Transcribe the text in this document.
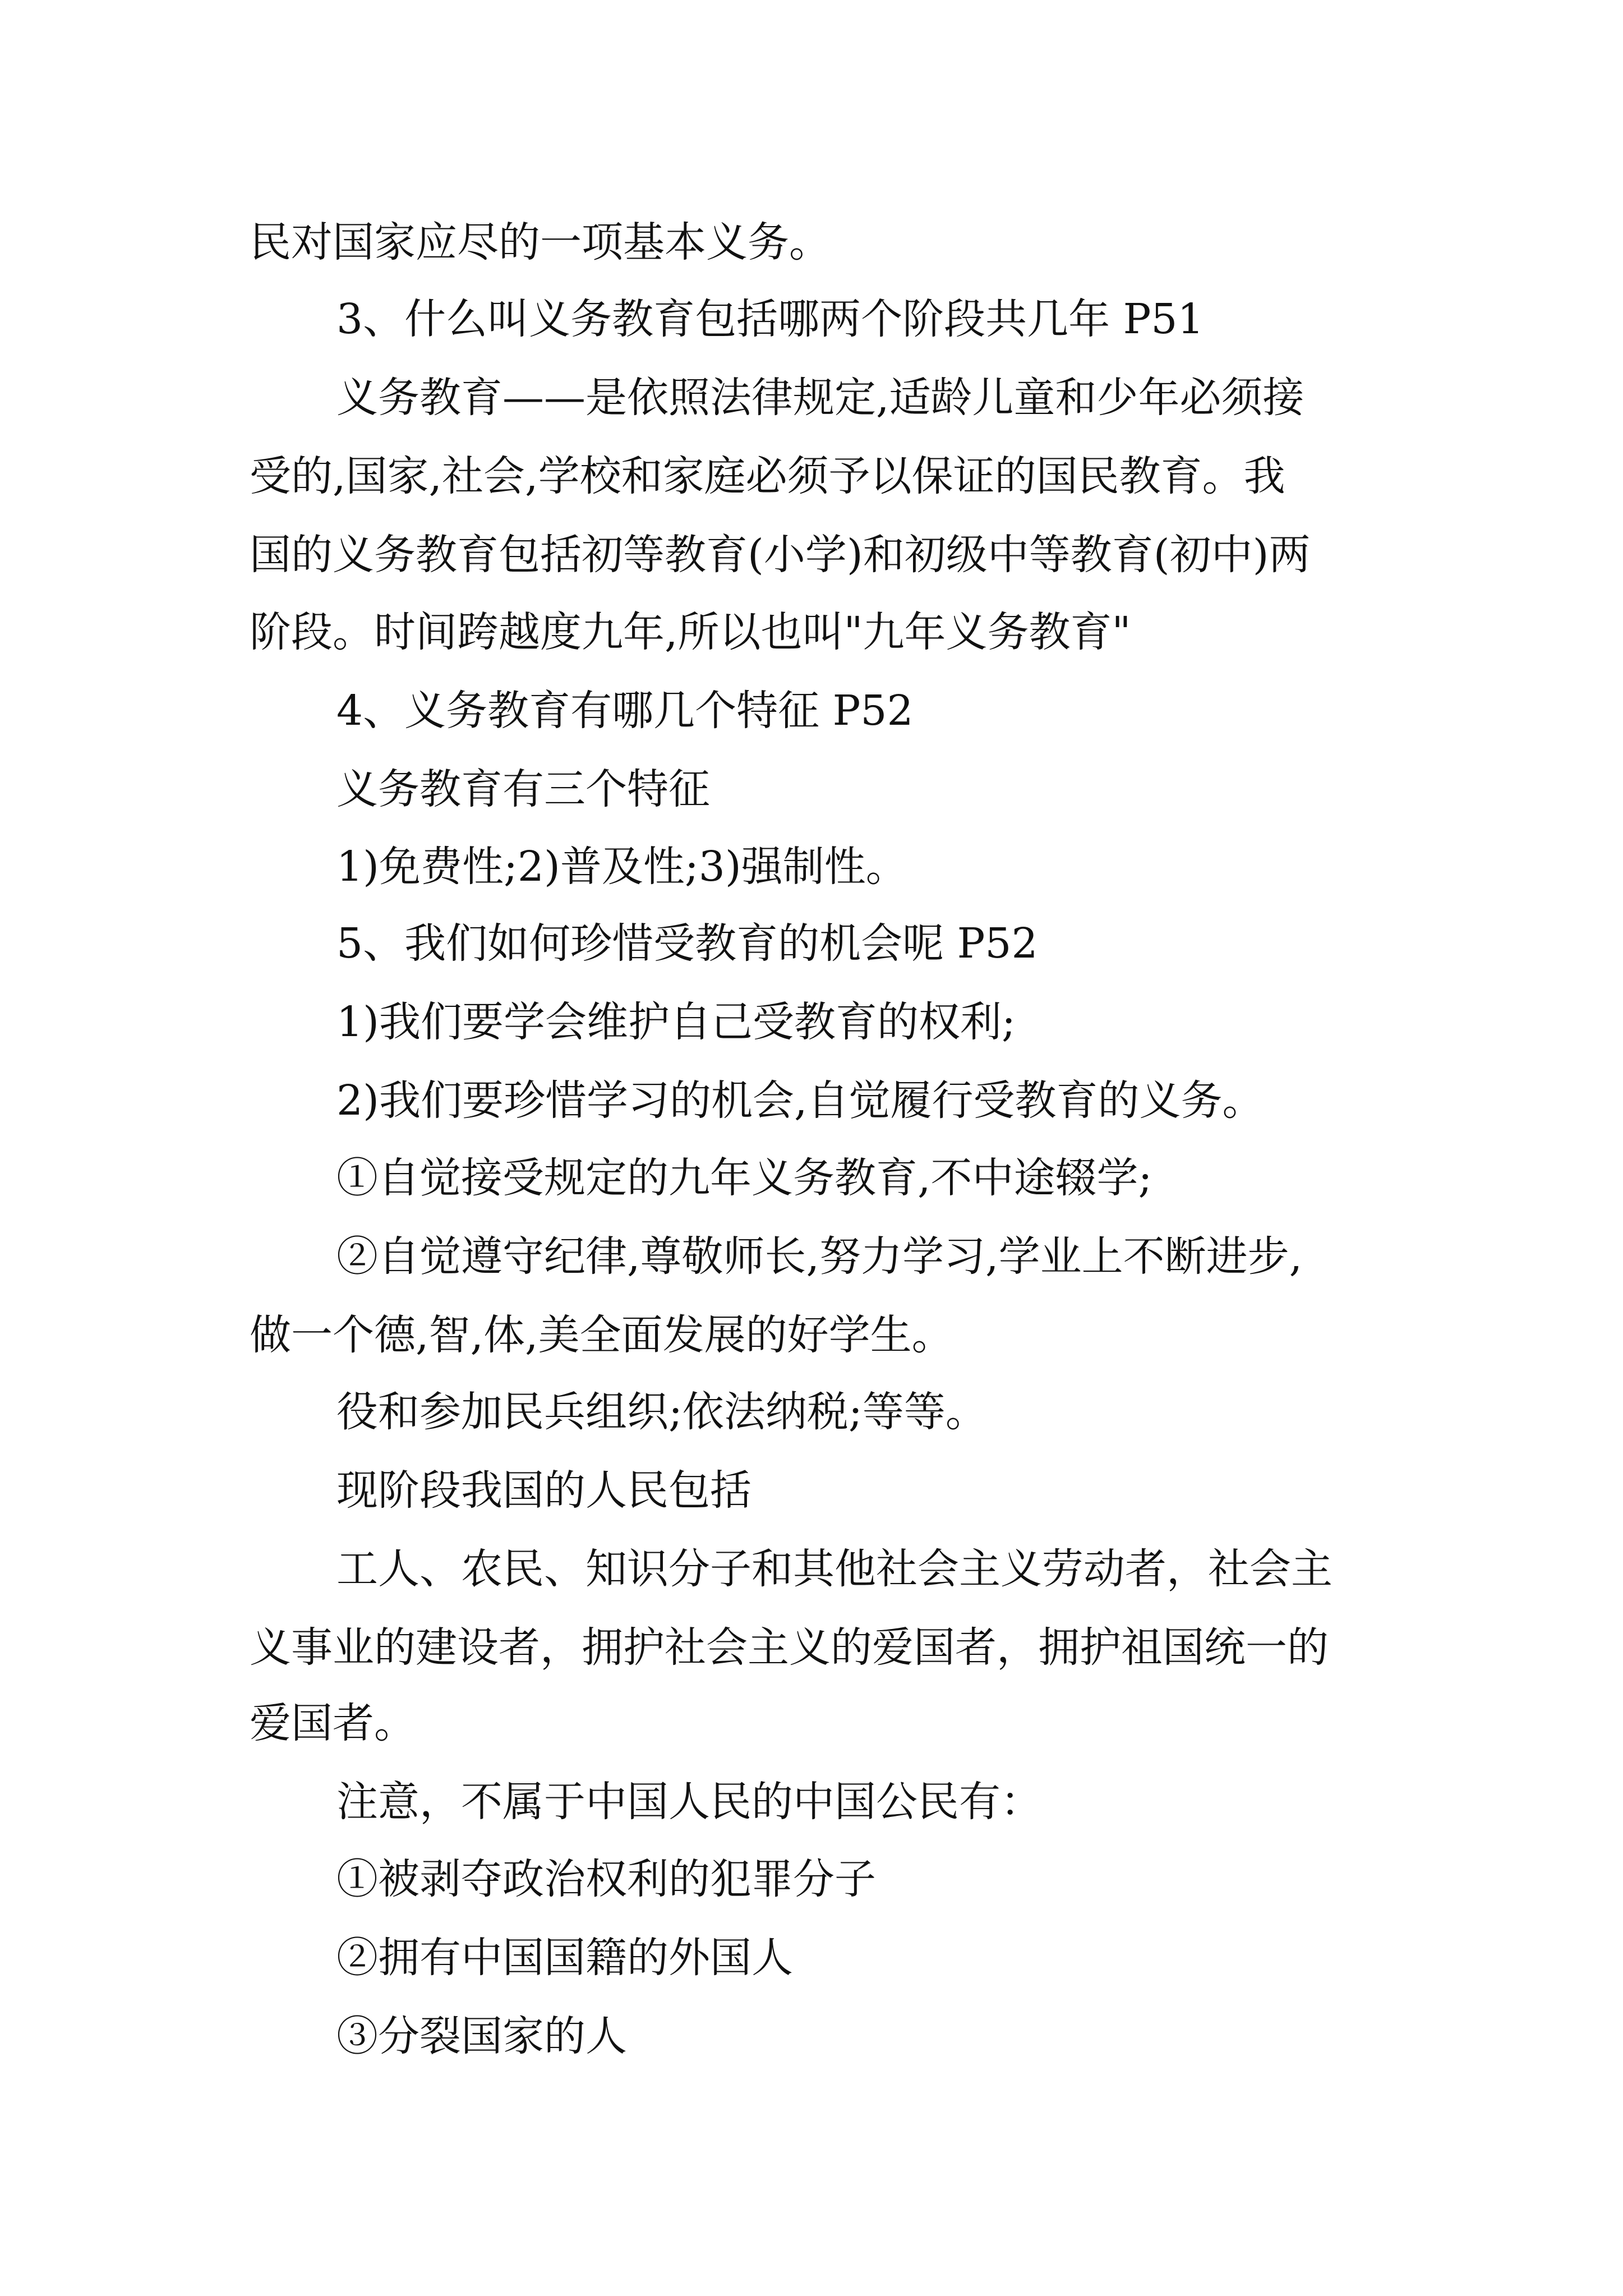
民对国家应尽的一项基本义务。

3、什么叫义务教育包括哪两个阶段共几年 P51

义务教育——是依照法律规定,适龄儿童和少年必须接

受的,国家,社会,学校和家庭必须予以保证的国民教育。我

国的义务教育包括初等教育(小学)和初级中等教育(初中)两

阶段。时间跨越度九年,所以也叫"九年义务教育"

4、义务教育有哪几个特征 P52

义务教育有三个特征

1)免费性;2)普及性;3)强制性。

5、我们如何珍惜受教育的机会呢 P52

1)我们要学会维护自己受教育的权利;

2)我们要珍惜学习的机会,自觉履行受教育的义务。

①自觉接受规定的九年义务教育,不中途辍学;

②自觉遵守纪律,尊敬师长,努力学习,学业上不断进步,

做一个德,智,体,美全面发展的好学生。

役和参加民兵组织;依法纳税;等等。

现阶段我国的人民包括

工人、农民、知识分子和其他社会主义劳动者，社会主

义事业的建设者，拥护社会主义的爱国者，拥护祖国统一的

爱国者。

注意，不属于中国人民的中国公民有：

①被剥夺政治权利的犯罪分子

②拥有中国国籍的外国人

③分裂国家的人
